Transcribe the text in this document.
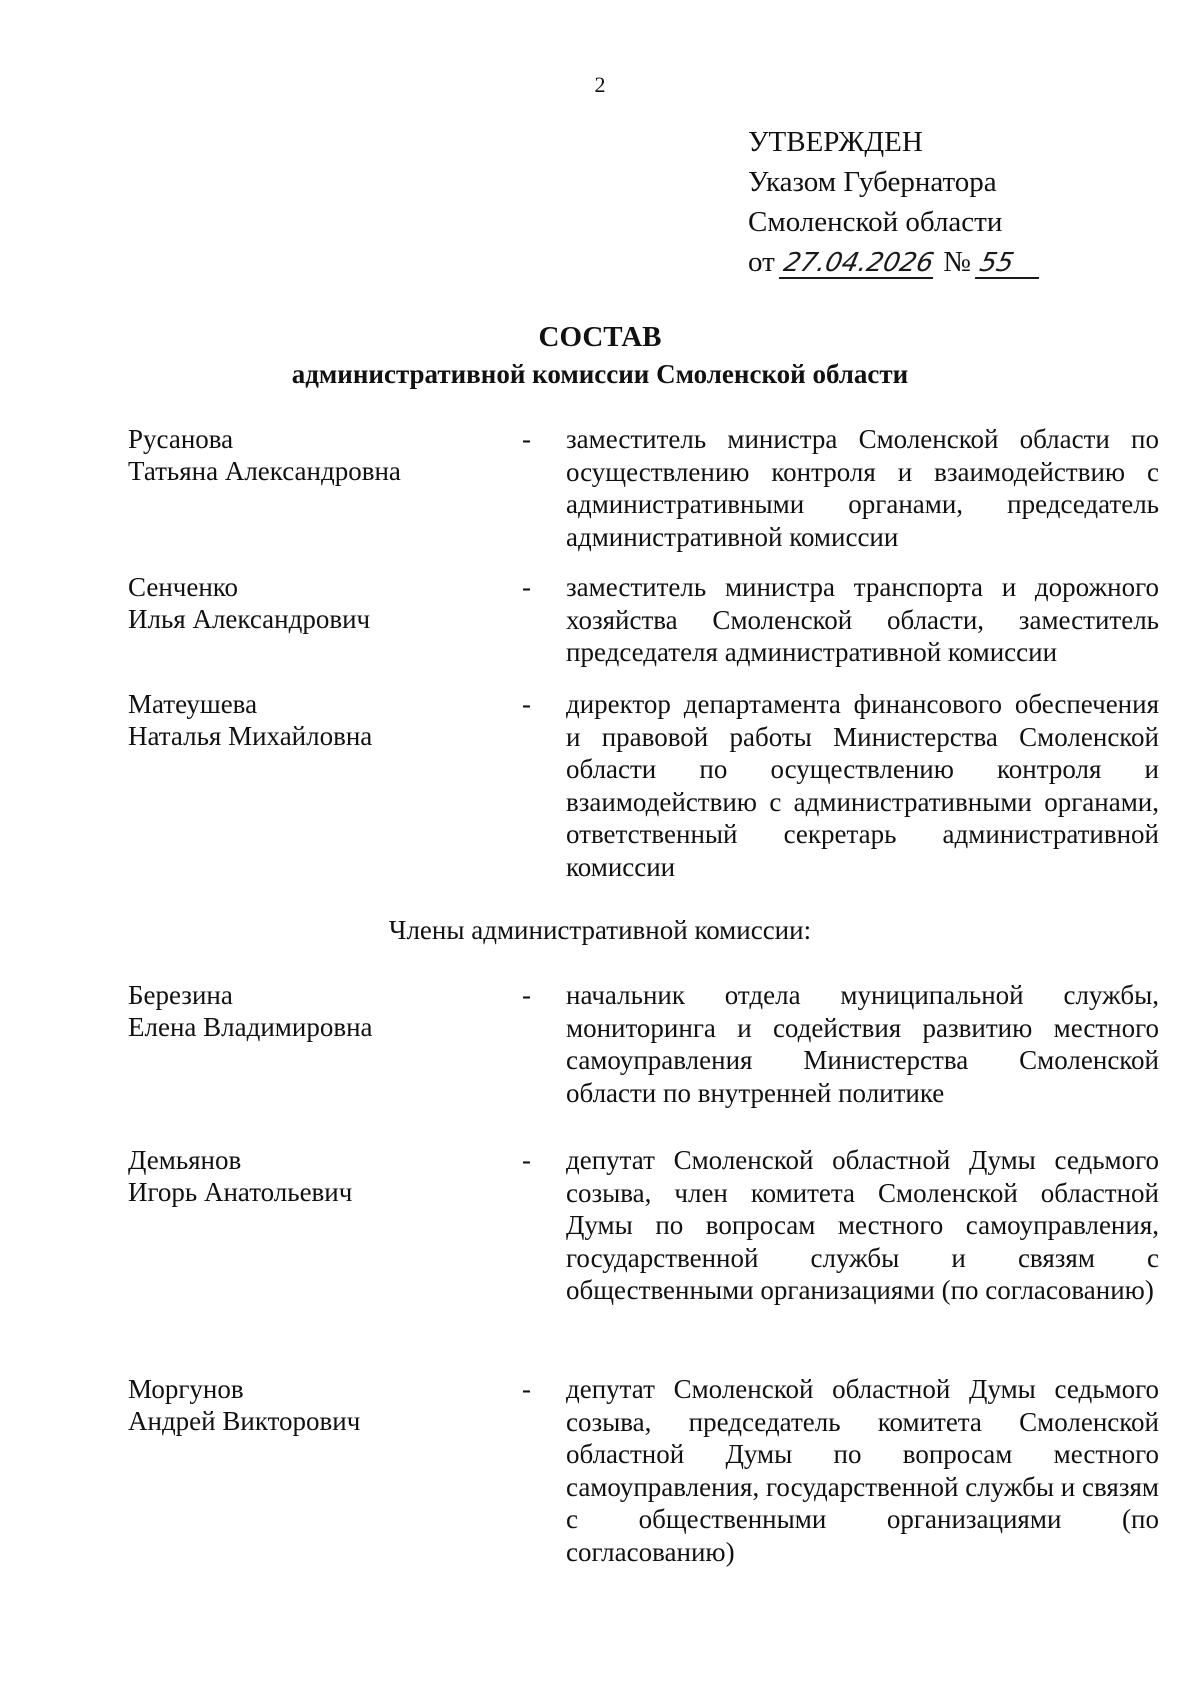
2
УТВЕРЖДЕН
Указом Губернатора
Смоленской области
от 27.04.2026 № 55
СОСТАВ
административной комиссии Смоленской области
Русанова
Татьяна Александровна
- заместитель министра Смоленской области по осуществлению контроля и взаимодействию с административными органами, председатель административной комиссии
Сенченко
Илья Александрович
- заместитель министра транспорта и дорожного хозяйства Смоленской области, заместитель председателя административной комиссии
Матеушева
Наталья Михайловна
- директор департамента финансового обеспечения и правовой работы Министерства Смоленской области по осуществлению контроля и взаимодействию с административными органами, ответственный секретарь административной комиссии
Члены административной комиссии:
Березина
Елена Владимировна
- начальник отдела муниципальной службы, мониторинга и содействия развитию местного самоуправления Министерства Смоленской области по внутренней политике
Демьянов
Игорь Анатольевич
- депутат Смоленской областной Думы седьмого созыва, член комитета Смоленской областной Думы по вопросам местного самоуправления, государственной службы и связям с общественными организациями (по согласованию)
Моргунов
Андрей Викторович
- депутат Смоленской областной Думы седьмого созыва, председатель комитета Смоленской областной Думы по вопросам местного самоуправления, государственной службы и связям с общественными организациями (по согласованию)
